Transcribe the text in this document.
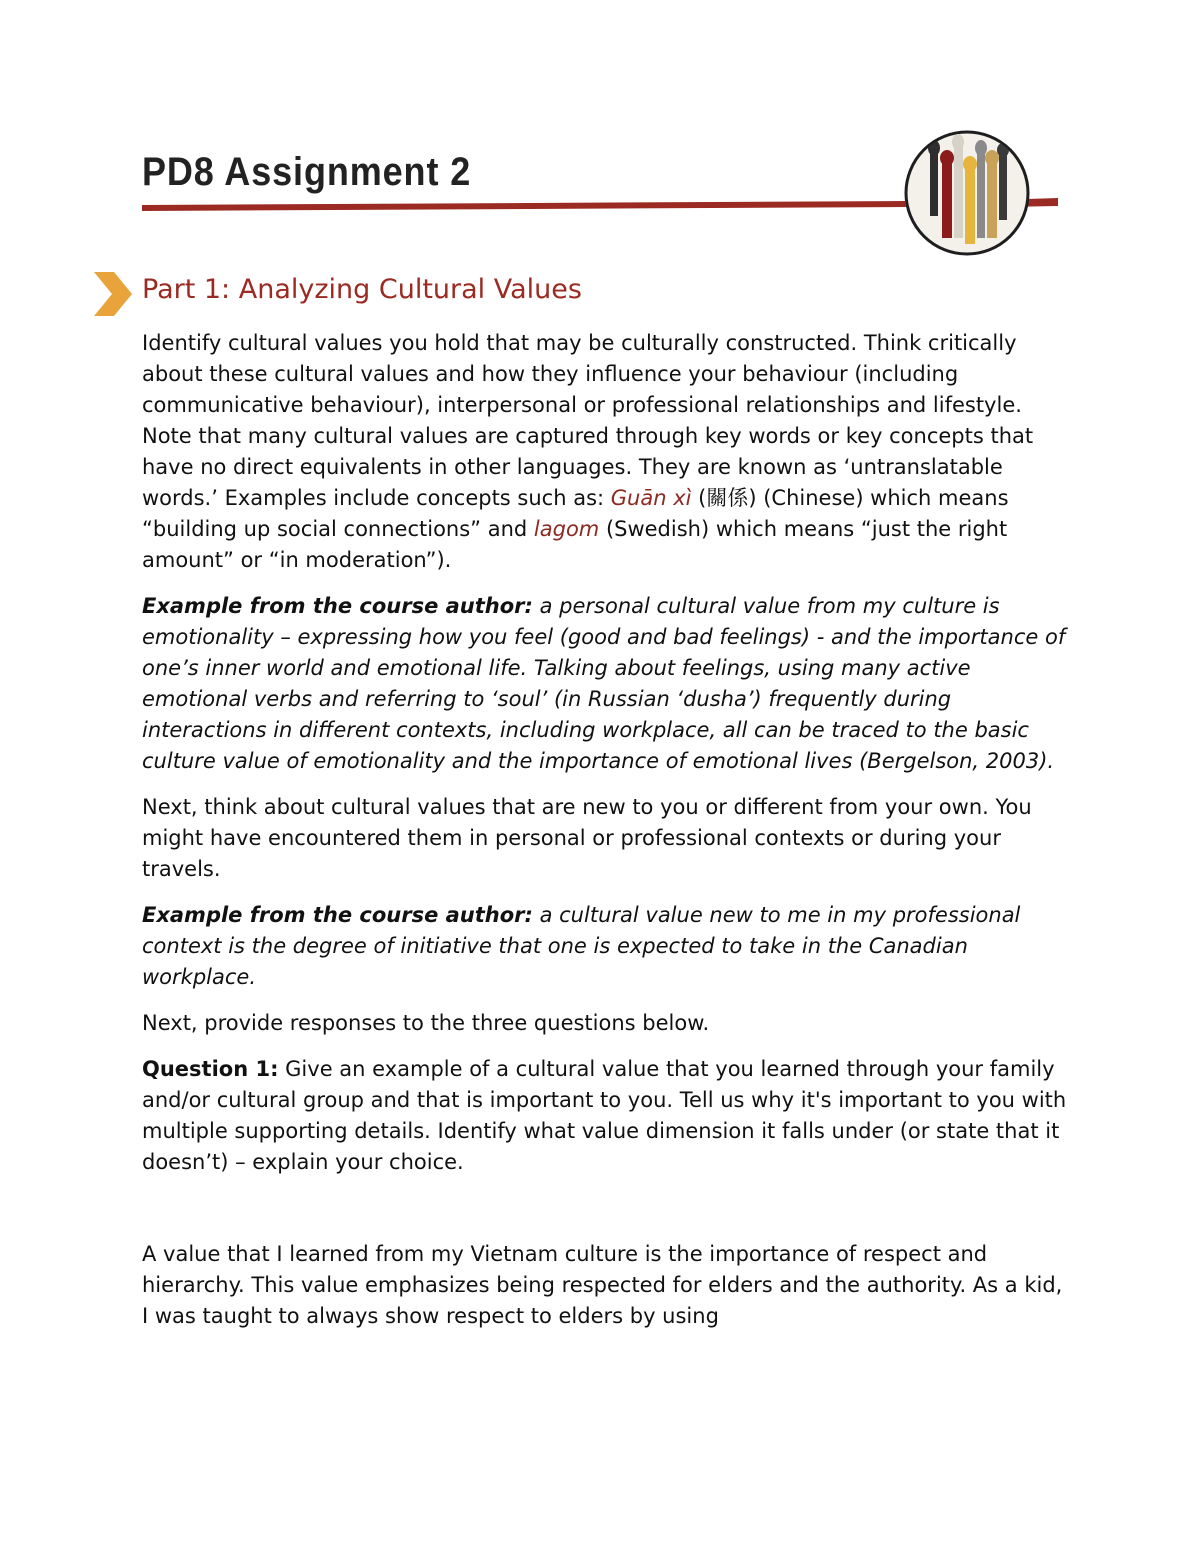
PD8 Assignment 2
Part 1: Analyzing Cultural Values

Identify cultural values you hold that may be culturally constructed. Think critically about these cultural values and how they influence your behaviour (including communicative behaviour), interpersonal or professional relationships and lifestyle. Note that many cultural values are captured through key words or key concepts that have no direct equivalents in other languages. They are known as ‘untranslatable words.’ Examples include concepts such as: Guān xì (關係) (Chinese) which means “building up social connections” and lagom (Swedish) which means “just the right amount” or “in moderation”).

Example from the course author: a personal cultural value from my culture is emotionality – expressing how you feel (good and bad feelings) - and the importance of one’s inner world and emotional life. Talking about feelings, using many active emotional verbs and referring to ‘soul’ (in Russian ‘dusha’) frequently during interactions in different contexts, including workplace, all can be traced to the basic culture value of emotionality and the importance of emotional lives (Bergelson, 2003).

Next, think about cultural values that are new to you or different from your own. You might have encountered them in personal or professional contexts or during your travels.

Example from the course author: a cultural value new to me in my professional context is the degree of initiative that one is expected to take in the Canadian workplace.

Next, provide responses to the three questions below.

Question 1: Give an example of a cultural value that you learned through your family and/or cultural group and that is important to you. Tell us why it's important to you with multiple supporting details. Identify what value dimension it falls under (or state that it doesn’t) – explain your choice.

A value that I learned from my Vietnam culture is the importance of respect and hierarchy. This value emphasizes being respected for elders and the authority. As a kid, I was taught to always show respect to elders by using
